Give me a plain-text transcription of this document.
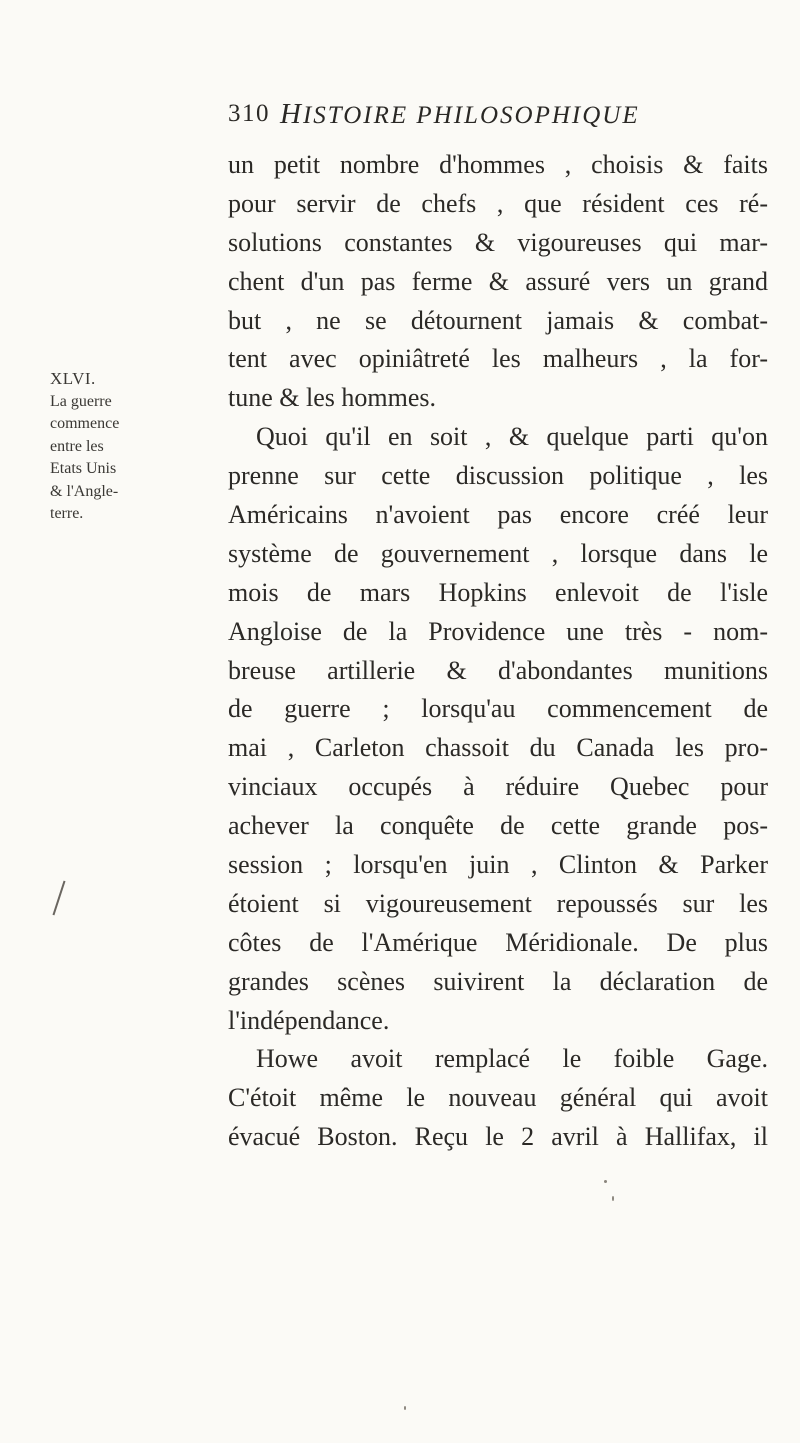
310 HISTOIRE PHILOSOPHIQUE
XLVI.
La guerre
commence
entre les
Etats Unis
& l'Angle-
terre.
un petit nombre d'hommes , choisis & faits
pour servir de chefs , que résident ces ré-
solutions constantes & vigoureuses qui mar-
chent d'un pas ferme & assuré vers un grand
but , ne se détournent jamais & combat-
tent avec opiniâtreté les malheurs , la for-
tune & les hommes.
Quoi qu'il en soit , & quelque parti qu'on
prenne sur cette discussion politique , les
Américains n'avoient pas encore créé leur
système de gouvernement , lorsque dans le
mois de mars Hopkins enlevoit de l'isle
Angloise de la Providence une très - nom-
breuse artillerie & d'abondantes munitions
de guerre ; lorsqu'au commencement de
mai , Carleton chassoit du Canada les pro-
vinciaux occupés à réduire Quebec pour
achever la conquête de cette grande pos-
session ; lorsqu'en juin , Clinton & Parker
étoient si vigoureusement repoussés sur les
côtes de l'Amérique Méridionale. De plus
grandes scènes suivirent la déclaration de
l'indépendance.
Howe avoit remplacé le foible Gage.
C'étoit même le nouveau général qui avoit
évacué Boston. Reçu le 2 avril à Hallifax, il
